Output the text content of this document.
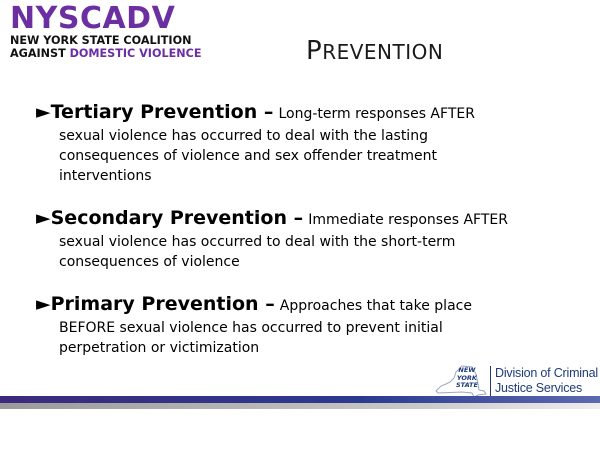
NYSCADV
NEW YORK STATE COALITION
AGAINST DOMESTIC VIOLENCE	PREVENTION
►Tertiary Prevention – Long-term responses AFTER
sexual violence has occurred to deal with the lasting
consequences of violence and sex offender treatment
interventions
►Secondary Prevention – Immediate responses AFTER
sexual violence has occurred to deal with the short-term
consequences of violence
►Primary Prevention – Approaches that take place
BEFORE sexual violence has occurred to prevent initial
perpetration or victimization
NEW
YORK
STATE
Division of Criminal
Justice Services
